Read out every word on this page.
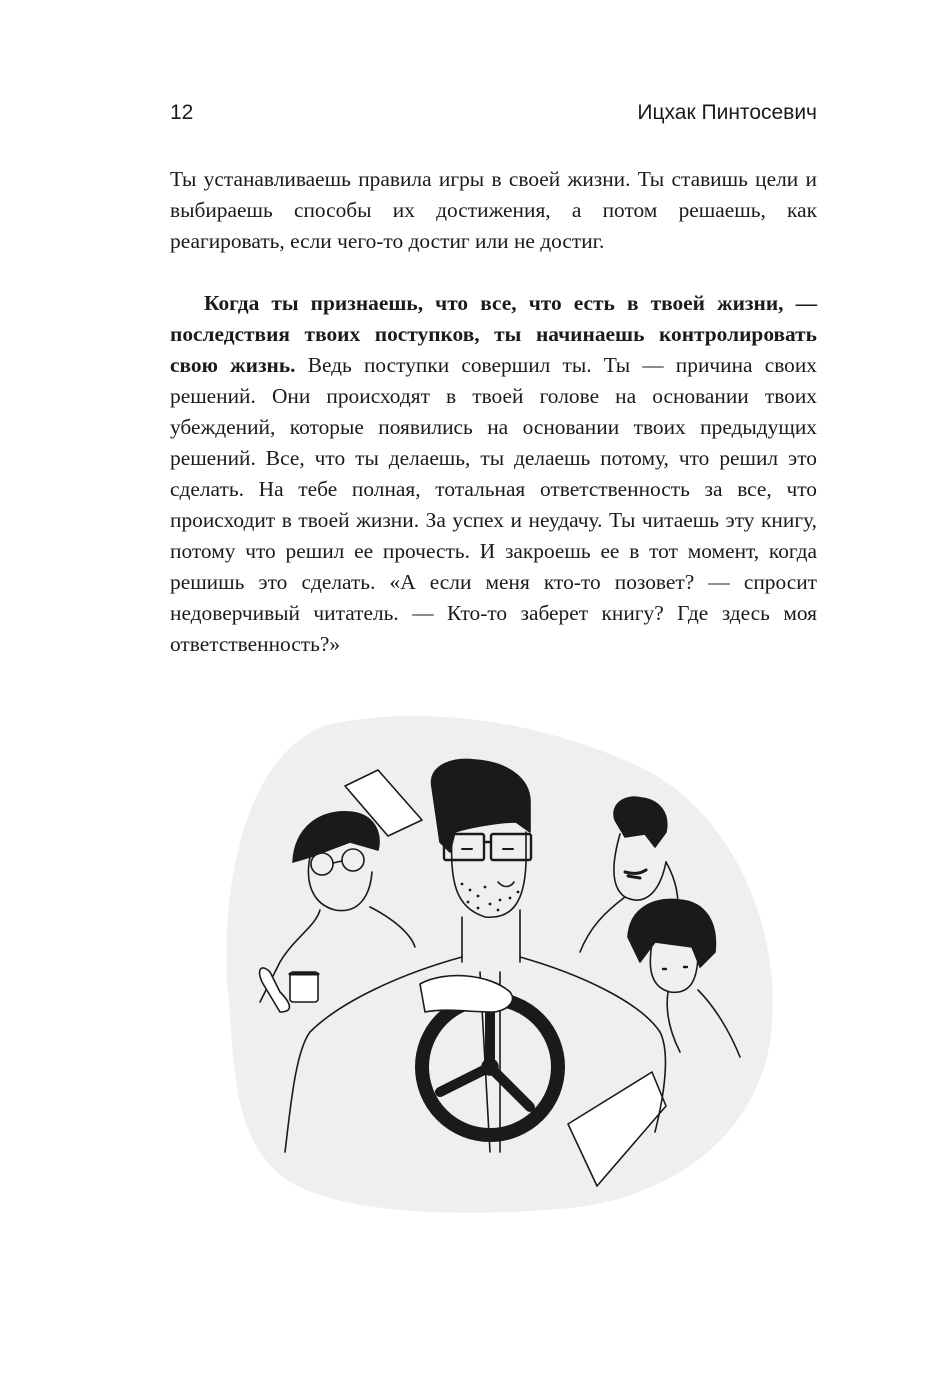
12	Ицхак Пинтосевич

Ты устанавливаешь правила игры в своей жизни. Ты ставишь цели и выбираешь способы их достижения, а потом решаешь, как реагировать, если чего-то достиг или не достиг.

Когда ты признаешь, что все, что есть в твоей жизни, — последствия твоих поступков, ты начинаешь контролировать свою жизнь. Ведь поступки совершил ты. Ты — причина своих решений. Они происходят в твоей голове на основании твоих убеждений, которые появились на основании твоих предыдущих решений. Все, что ты делаешь, ты делаешь потому, что решил это сделать. На тебе полная, тотальная ответственность за все, что происходит в твоей жизни. За успех и неудачу. Ты читаешь эту книгу, потому что решил ее прочесть. И закроешь ее в тот момент, когда решишь это сделать. «А если меня кто-то позовет? — спросит недоверчивый читатель. — Кто-то заберет книгу? Где здесь моя ответственность?»
